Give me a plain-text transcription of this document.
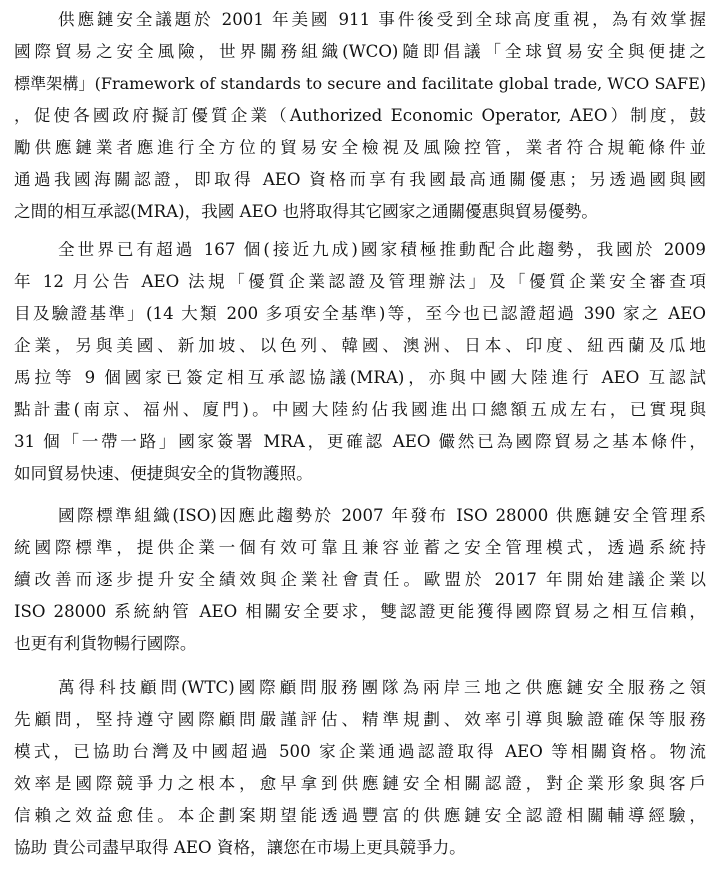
供應鏈安全議題於 2001 年美國 911 事件後受到全球高度重視，為有效掌握
國際貿易之安全風險，世界關務組織(WCO)隨即倡議「全球貿易安全與便捷之
標準架構」(Framework of standards to secure and facilitate global trade, WCO SAFE)
，促使各國政府擬訂優質企業（Authorized Economic Operator, AEO）制度，鼓
勵供應鏈業者應進行全方位的貿易安全檢視及風險控管，業者符合規範條件並
通過我國海關認證，即取得 AEO 資格而享有我國最高通關優惠；另透過國與國
之間的相互承認(MRA)，我國 AEO 也將取得其它國家之通關優惠與貿易優勢。
全世界已有超過 167 個(接近九成)國家積極推動配合此趨勢，我國於 2009
年 12 月公告 AEO 法規「優質企業認證及管理辦法」及「優質企業安全審查項
目及驗證基準」(14 大類 200 多項安全基準)等，至今也已認證超過 390 家之 AEO
企業，另與美國、新加坡、以色列、韓國、澳洲、日本、印度、紐西蘭及瓜地
馬拉等 9 個國家已簽定相互承認協議(MRA)，亦與中國大陸進行 AEO 互認試
點計畫(南京、福州、廈門)。中國大陸約佔我國進出口總額五成左右，已實現與
31 個「一帶一路」國家簽署 MRA，更確認 AEO 儼然已為國際貿易之基本條件，
如同貿易快速、便捷與安全的貨物護照。
國際標準組織(ISO)因應此趨勢於 2007 年發布 ISO 28000 供應鏈安全管理系
統國際標準，提供企業一個有效可靠且兼容並蓄之安全管理模式，透過系統持
續改善而逐步提升安全績效與企業社會責任。歐盟於 2017 年開始建議企業以
ISO 28000 系統納管 AEO 相關安全要求，雙認證更能獲得國際貿易之相互信賴，
也更有利貨物暢行國際。
萬得科技顧問(WTC)國際顧問服務團隊為兩岸三地之供應鏈安全服務之領
先顧問，堅持遵守國際顧問嚴謹評估、精準規劃、效率引導與驗證確保等服務
模式，已協助台灣及中國超過 500 家企業通過認證取得 AEO 等相關資格。物流
效率是國際競爭力之根本，愈早拿到供應鏈安全相關認證，對企業形象與客戶
信賴之效益愈佳。本企劃案期望能透過豐富的供應鏈安全認證相關輔導經驗，
協助 貴公司盡早取得 AEO 資格，讓您在市場上更具競爭力。
